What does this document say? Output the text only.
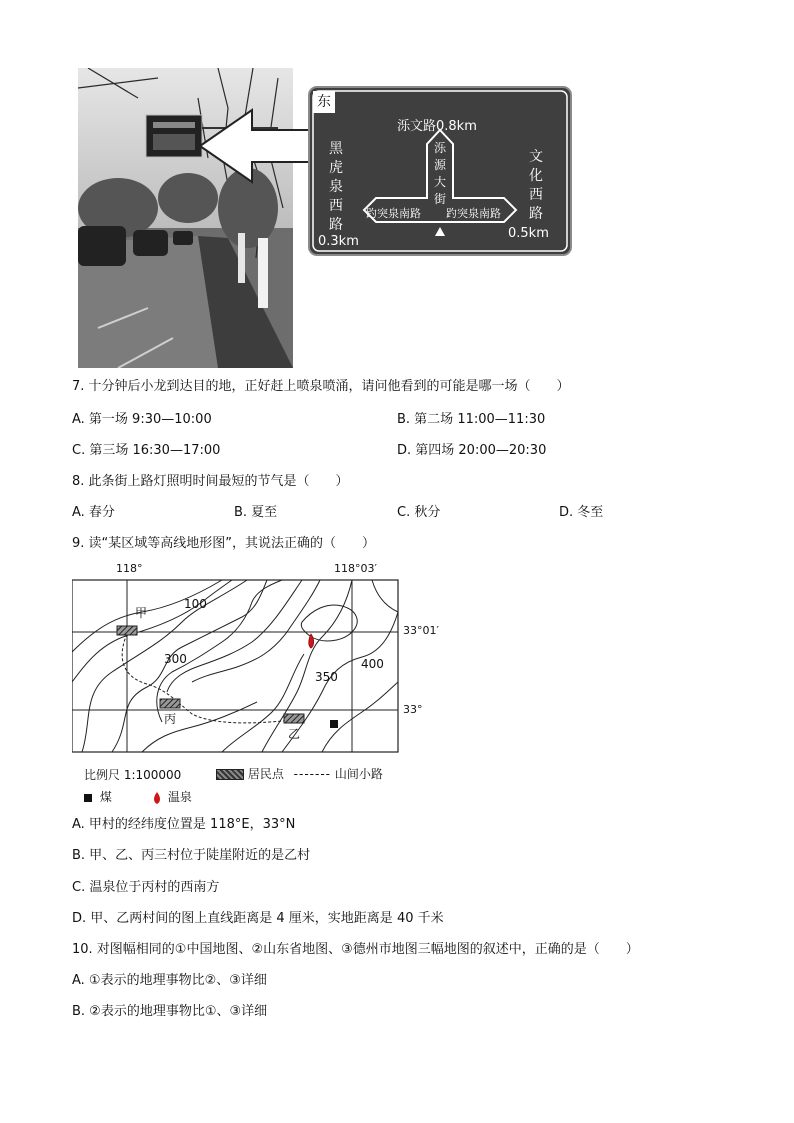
东
泺文路0.8km
泺
源
大
街
黑
虎
泉
西
路
0.3km
文
化
西
路
0.5km
趵突泉南路 趵突泉南路
7. 十分钟后小龙到达目的地，正好赶上喷泉喷涌，请问他看到的可能是哪一场（　　）
A. 第一场 9:30—10:00	B. 第二场 11:00—11:30
C. 第三场 16:30—17:00	D. 第四场 20:00—20:30
8. 此条街上路灯照明时间最短的节气是（　　）
A. 春分	B. 夏至	C. 秋分	D. 冬至
9. 读“某区域等高线地形图”，其说法正确的（　　）
118°	118°03′
甲
丙
乙
100
300
350
400
33°01′
33°
比例尺 1:100000	居民点 ------- 山间小路
煤	温泉
A. 甲村的经纬度位置是 118°E，33°N
B. 甲、乙、丙三村位于陡崖附近的是乙村
C. 温泉位于丙村的西南方
D. 甲、乙两村间的图上直线距离是 4 厘米，实地距离是 40 千米
10. 对图幅相同的①中国地图、②山东省地图、③德州市地图三幅地图的叙述中，正确的是（　　）
A. ①表示的地理事物比②、③详细
B. ②表示的地理事物比①、③详细
